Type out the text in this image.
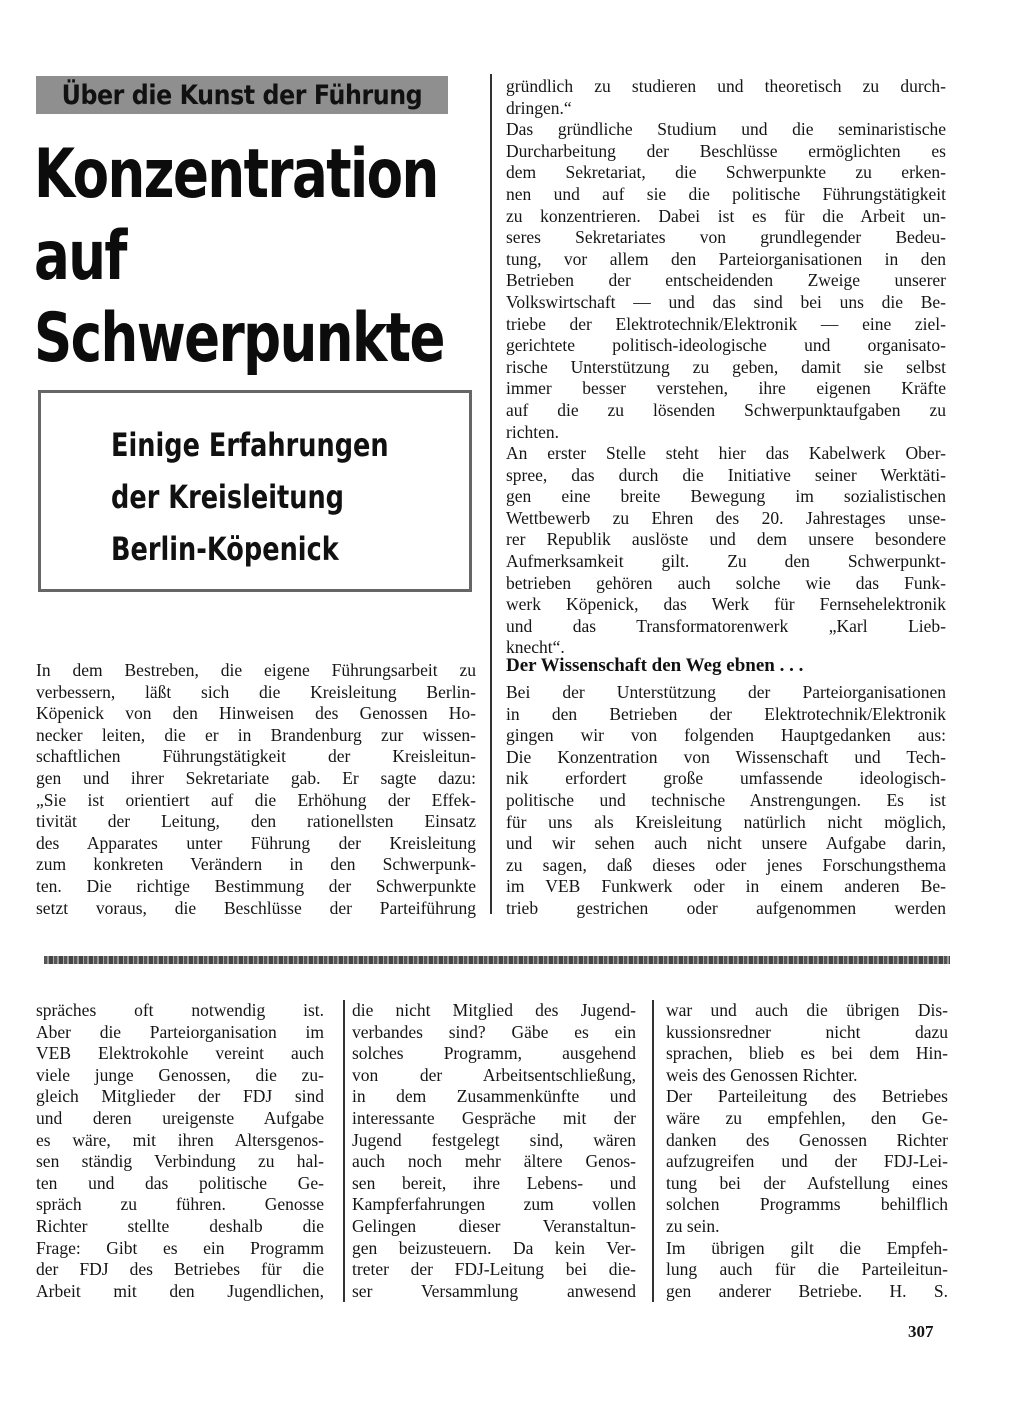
Über die Kunst der Führung
Konzentration
auf
Schwerpunkte
Einige Erfahrungen
der Kreisleitung
Berlin-Köpenick
In dem Bestreben, die eigene Führungsarbeit zu
verbessern, läßt sich die Kreisleitung Berlin-
Köpenick von den Hinweisen des Genossen Ho-
necker leiten, die er in Brandenburg zur wissen-
schaftlichen Führungstätigkeit der Kreisleitun-
gen und ihrer Sekretariate gab. Er sagte dazu:
„Sie ist orientiert auf die Erhöhung der Effek-
tivität der Leitung, den rationellsten Einsatz
des Apparates unter Führung der Kreisleitung
zum konkreten Verändern in den Schwerpunk-
ten. Die richtige Bestimmung der Schwerpunkte
setzt voraus, die Beschlüsse der Parteiführung
gründlich zu studieren und theoretisch zu durch-
dringen.“
Das gründliche Studium und die seminaristische
Durcharbeitung der Beschlüsse ermöglichten es
dem Sekretariat, die Schwerpunkte zu erken-
nen und auf sie die politische Führungstätigkeit
zu konzentrieren. Dabei ist es für die Arbeit un-
seres Sekretariates von grundlegender Bedeu-
tung, vor allem den Parteiorganisationen in den
Betrieben der entscheidenden Zweige unserer
Volkswirtschaft — und das sind bei uns die Be-
triebe der Elektrotechnik/Elektronik — eine ziel-
gerichtete politisch-ideologische und organisato-
rische Unterstützung zu geben, damit sie selbst
immer besser verstehen, ihre eigenen Kräfte
auf die zu lösenden Schwerpunktaufgaben zu
richten.
An erster Stelle steht hier das Kabelwerk Ober-
spree, das durch die Initiative seiner Werktäti-
gen eine breite Bewegung im sozialistischen
Wettbewerb zu Ehren des 20. Jahrestages unse-
rer Republik auslöste und dem unsere besondere
Aufmerksamkeit gilt. Zu den Schwerpunkt-
betrieben gehören auch solche wie das Funk-
werk Köpenick, das Werk für Fernsehelektronik
und das Transformatorenwerk „Karl Lieb-
knecht“.
Der Wissenschaft den Weg ebnen . . .
Bei der Unterstützung der Parteiorganisationen
in den Betrieben der Elektrotechnik/Elektronik
gingen wir von folgenden Hauptgedanken aus:
Die Konzentration von Wissenschaft und Tech-
nik erfordert große umfassende ideologisch-
politische und technische Anstrengungen. Es ist
für uns als Kreisleitung natürlich nicht möglich,
und wir sehen auch nicht unsere Aufgabe darin,
zu sagen, daß dieses oder jenes Forschungsthema
im VEB Funkwerk oder in einem anderen Be-
trieb gestrichen oder aufgenommen werden
spräches oft notwendig ist.
Aber die Parteiorganisation im
VEB Elektrokohle vereint auch
viele junge Genossen, die zu-
gleich Mitglieder der FDJ sind
und deren ureigenste Aufgabe
es wäre, mit ihren Altersgenos-
sen ständig Verbindung zu hal-
ten und das politische Ge-
spräch zu führen. Genosse
Richter stellte deshalb die
Frage: Gibt es ein Programm
der FDJ des Betriebes für die
Arbeit mit den Jugendlichen,
die nicht Mitglied des Jugend-
verbandes sind? Gäbe es ein
solches Programm, ausgehend
von der Arbeitsentschließung,
in dem Zusammenkünfte und
interessante Gespräche mit der
Jugend festgelegt sind, wären
auch noch mehr ältere Genos-
sen bereit, ihre Lebens- und
Kampferfahrungen zum vollen
Gelingen dieser Veranstaltun-
gen beizusteuern. Da kein Ver-
treter der FDJ-Leitung bei die-
ser Versammlung anwesend
war und auch die übrigen Dis-
kussionsredner nicht dazu
sprachen, blieb es bei dem Hin-
weis des Genossen Richter.
Der Parteileitung des Betriebes
wäre zu empfehlen, den Ge-
danken des Genossen Richter
aufzugreifen und der FDJ-Lei-
tung bei der Aufstellung eines
solchen Programms behilflich
zu sein.
Im übrigen gilt die Empfeh-
lung auch für die Parteileitun-
gen anderer Betriebe. H. S.
307
